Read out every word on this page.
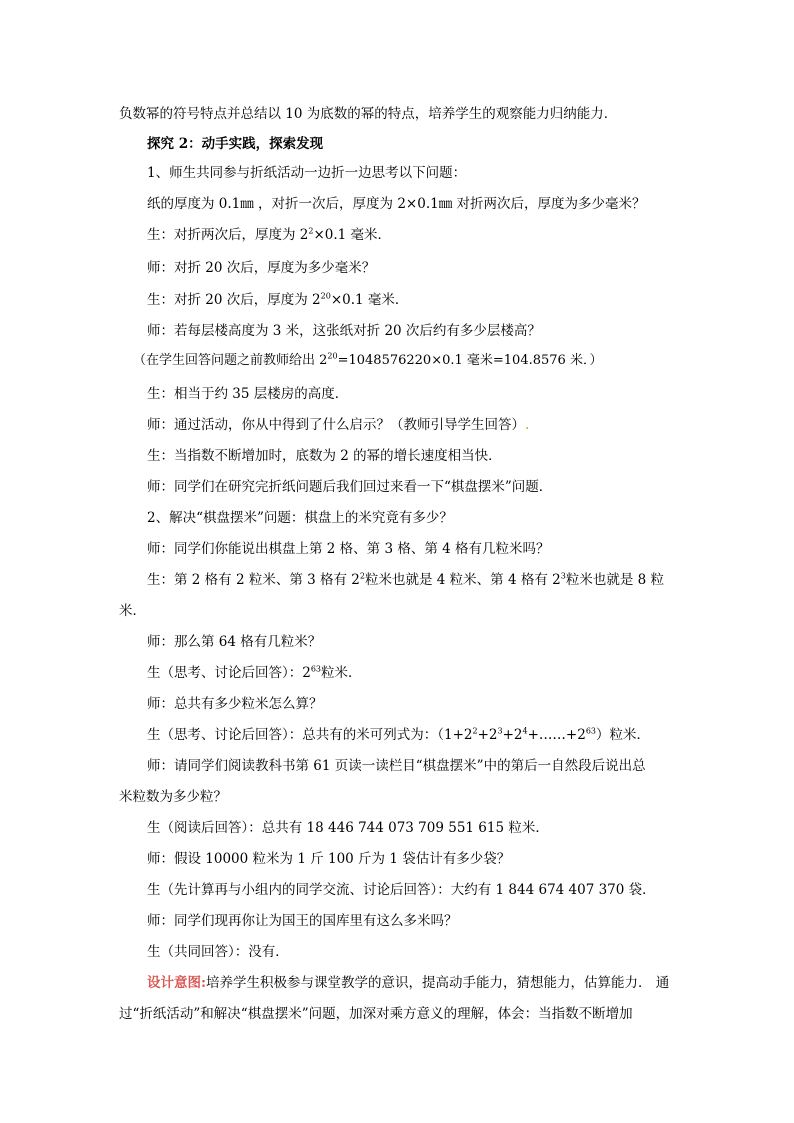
负数幂的符号特点并总结以 10 为底数的幂的特点，培养学生的观察能力归纳能力．
探究 2：动手实践，探索发现
1、师生共同参与折纸活动一边折一边思考以下问题：
纸的厚度为 0.1㎜ ，对折一次后，厚度为 2×0.1㎜ 对折两次后，厚度为多少毫米？
生：对折两次后，厚度为 $2^2\times 0.1$ 毫米．
师：对折 20 次后，厚度为多少毫米？
生：对折 20 次后，厚度为 $2^{20}\times 0.1$ 毫米．
师：若每层楼高度为 3 米，这张纸对折 20 次后约有多少层楼高？
（在学生回答问题之前教师给出 $2^{20}=1048576220\times 0.1$ 毫米=104.8576 米．）
生：相当于约 35 层楼房的高度．
师：通过活动，你从中得到了什么启示？（教师引导学生回答）.
生：当指数不断增加时，底数为 2 的幂的增长速度相当快．
师：同学们在研究完折纸问题后我们回过来看一下“棋盘摆米”问题．
2、解决“棋盘摆米”问题：棋盘上的米究竟有多少？
师：同学们你能说出棋盘上第 2 格、第 3 格、第 4 格有几粒米吗？
生：第 2 格有 2 粒米、第 3 格有 $2^2$粒米也就是 4 粒米、第 4 格有 $2^3$粒米也就是 8 粒
米．
师：那么第 64 格有几粒米？
生（思考、讨论后回答）：$2^{63}$粒米．
师：总共有多少粒米怎么算？
生（思考、讨论后回答）：总共有的米可列式为：$(1+2^2+2^3+2^4+\dots\dots+2^{63})$粒米．
师：请同学们阅读教科书第 61 页读一读栏目“棋盘摆米”中的第后一自然段后说出总
米粒数为多少粒？
生（阅读后回答）：总共有 18 446 744 073 709 551 615 粒米．
师：假设 10000 粒米为 1 斤 100 斤为 1 袋估计有多少袋？
生（先计算再与小组内的同学交流、讨论后回答）：大约有 1 844 674 407 370 袋．
师：同学们现再你让为国王的国库里有这么多米吗？
生（共同回答）：没有．
设计意图:培养学生积极参与课堂教学的意识，提高动手能力，猜想能力，估算能力． 通
过“折纸活动”和解决“棋盘摆米”问题，加深对乘方意义的理解，体会：当指数不断增加
